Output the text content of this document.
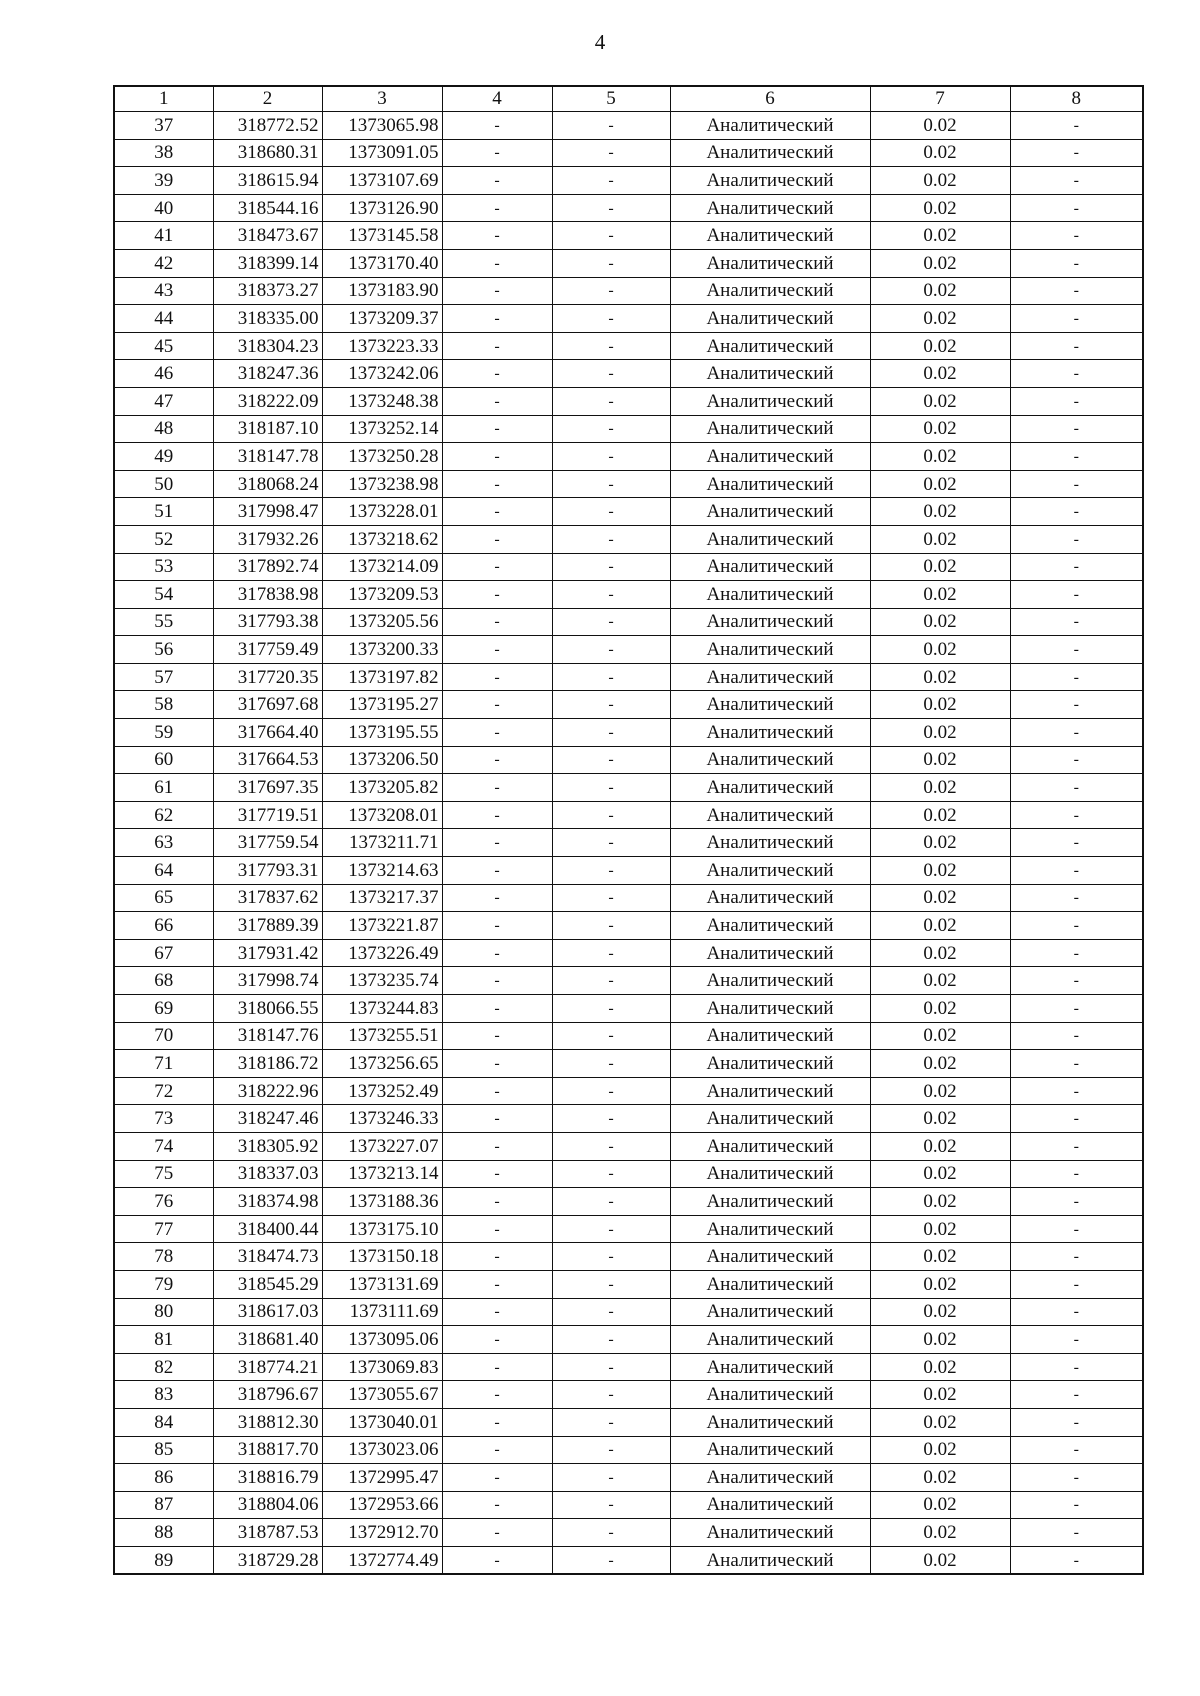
4
1	2	3	4	5	6	7	8
37	318772.52	1373065.98	-	-	Аналитический	0.02	-
38	318680.31	1373091.05	-	-	Аналитический	0.02	-
39	318615.94	1373107.69	-	-	Аналитический	0.02	-
40	318544.16	1373126.90	-	-	Аналитический	0.02	-
41	318473.67	1373145.58	-	-	Аналитический	0.02	-
42	318399.14	1373170.40	-	-	Аналитический	0.02	-
43	318373.27	1373183.90	-	-	Аналитический	0.02	-
44	318335.00	1373209.37	-	-	Аналитический	0.02	-
45	318304.23	1373223.33	-	-	Аналитический	0.02	-
46	318247.36	1373242.06	-	-	Аналитический	0.02	-
47	318222.09	1373248.38	-	-	Аналитический	0.02	-
48	318187.10	1373252.14	-	-	Аналитический	0.02	-
49	318147.78	1373250.28	-	-	Аналитический	0.02	-
50	318068.24	1373238.98	-	-	Аналитический	0.02	-
51	317998.47	1373228.01	-	-	Аналитический	0.02	-
52	317932.26	1373218.62	-	-	Аналитический	0.02	-
53	317892.74	1373214.09	-	-	Аналитический	0.02	-
54	317838.98	1373209.53	-	-	Аналитический	0.02	-
55	317793.38	1373205.56	-	-	Аналитический	0.02	-
56	317759.49	1373200.33	-	-	Аналитический	0.02	-
57	317720.35	1373197.82	-	-	Аналитический	0.02	-
58	317697.68	1373195.27	-	-	Аналитический	0.02	-
59	317664.40	1373195.55	-	-	Аналитический	0.02	-
60	317664.53	1373206.50	-	-	Аналитический	0.02	-
61	317697.35	1373205.82	-	-	Аналитический	0.02	-
62	317719.51	1373208.01	-	-	Аналитический	0.02	-
63	317759.54	1373211.71	-	-	Аналитический	0.02	-
64	317793.31	1373214.63	-	-	Аналитический	0.02	-
65	317837.62	1373217.37	-	-	Аналитический	0.02	-
66	317889.39	1373221.87	-	-	Аналитический	0.02	-
67	317931.42	1373226.49	-	-	Аналитический	0.02	-
68	317998.74	1373235.74	-	-	Аналитический	0.02	-
69	318066.55	1373244.83	-	-	Аналитический	0.02	-
70	318147.76	1373255.51	-	-	Аналитический	0.02	-
71	318186.72	1373256.65	-	-	Аналитический	0.02	-
72	318222.96	1373252.49	-	-	Аналитический	0.02	-
73	318247.46	1373246.33	-	-	Аналитический	0.02	-
74	318305.92	1373227.07	-	-	Аналитический	0.02	-
75	318337.03	1373213.14	-	-	Аналитический	0.02	-
76	318374.98	1373188.36	-	-	Аналитический	0.02	-
77	318400.44	1373175.10	-	-	Аналитический	0.02	-
78	318474.73	1373150.18	-	-	Аналитический	0.02	-
79	318545.29	1373131.69	-	-	Аналитический	0.02	-
80	318617.03	1373111.69	-	-	Аналитический	0.02	-
81	318681.40	1373095.06	-	-	Аналитический	0.02	-
82	318774.21	1373069.83	-	-	Аналитический	0.02	-
83	318796.67	1373055.67	-	-	Аналитический	0.02	-
84	318812.30	1373040.01	-	-	Аналитический	0.02	-
85	318817.70	1373023.06	-	-	Аналитический	0.02	-
86	318816.79	1372995.47	-	-	Аналитический	0.02	-
87	318804.06	1372953.66	-	-	Аналитический	0.02	-
88	318787.53	1372912.70	-	-	Аналитический	0.02	-
89	318729.28	1372774.49	-	-	Аналитический	0.02	-
